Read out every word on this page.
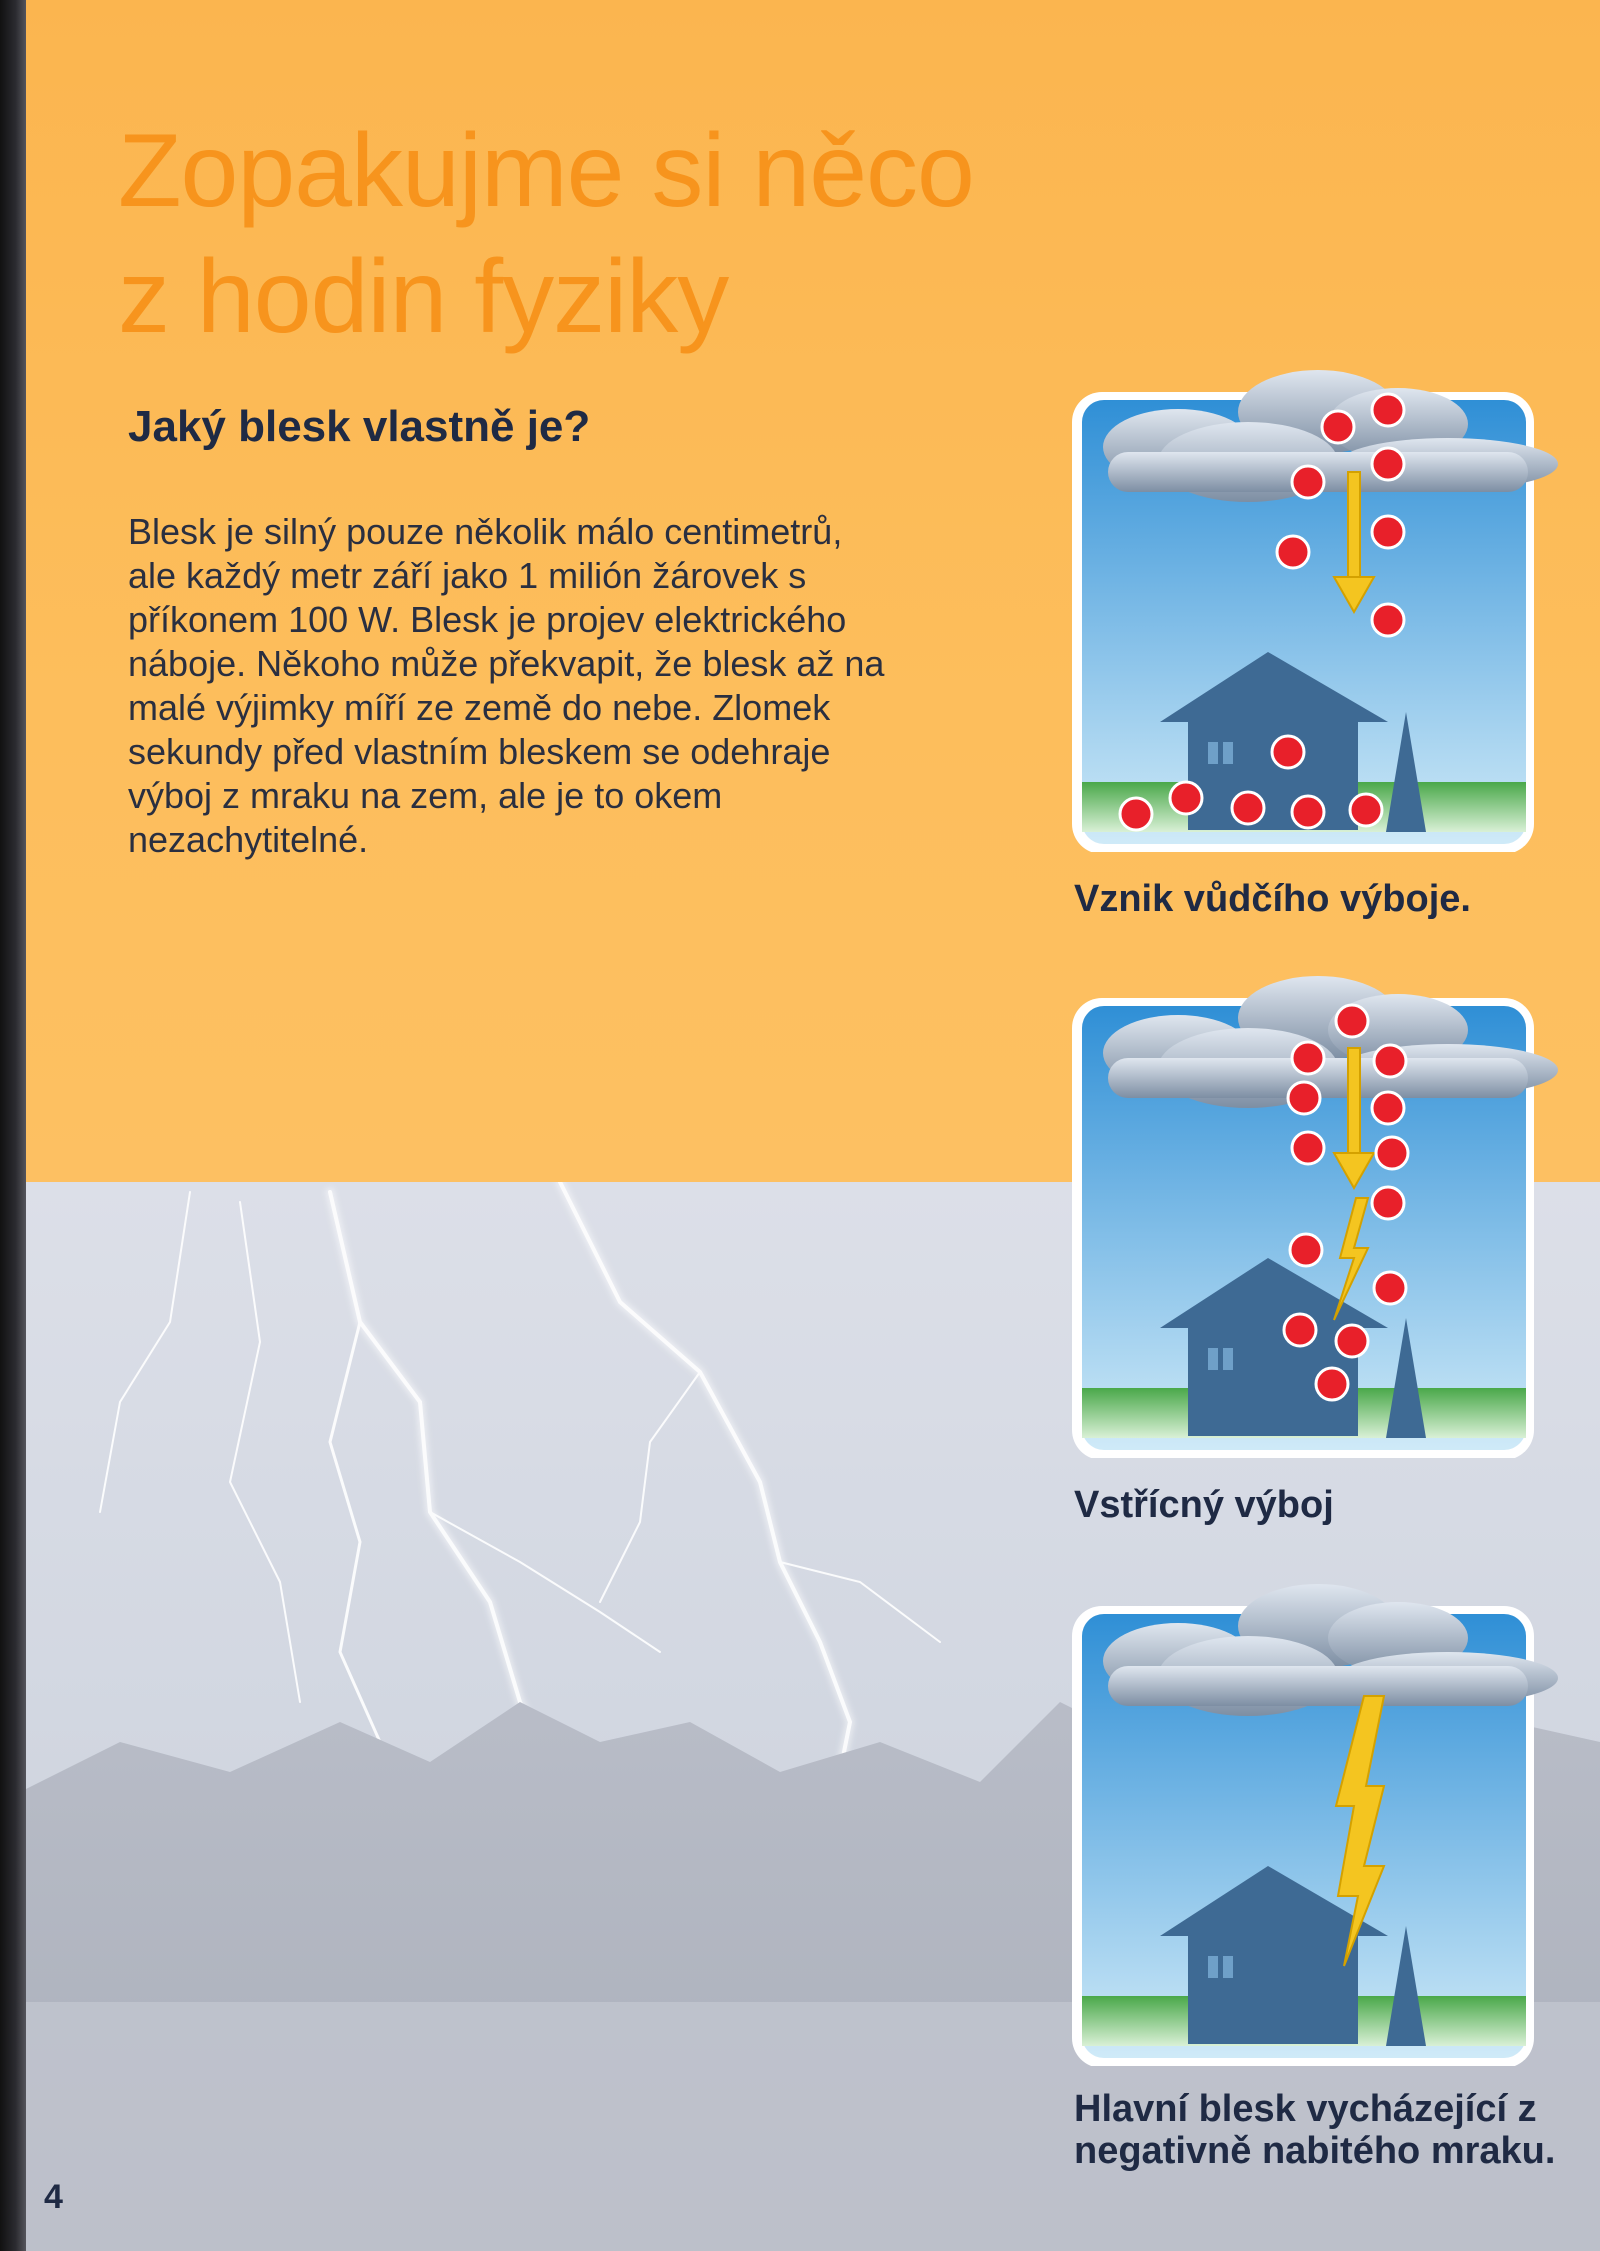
Zopakujme si něco
z hodin fyziky
Jaký blesk vlastně je?

Blesk je silný pouze několik málo centimetrů, ale každý metr září jako 1 milión žárovek s příkonem 100 W. Blesk je projev elektrického náboje. Někoho může překvapit, že blesk až na malé výjimky míří ze země do nebe. Zlomek sekundy před vlastním bleskem se odehraje výboj z mraku na zem, ale je to okem nezachytitelné.

Vznik vůdčího výboje.

Vstřícný výboj

Hlavní blesk vycházející z negativně nabitého mraku.

4
